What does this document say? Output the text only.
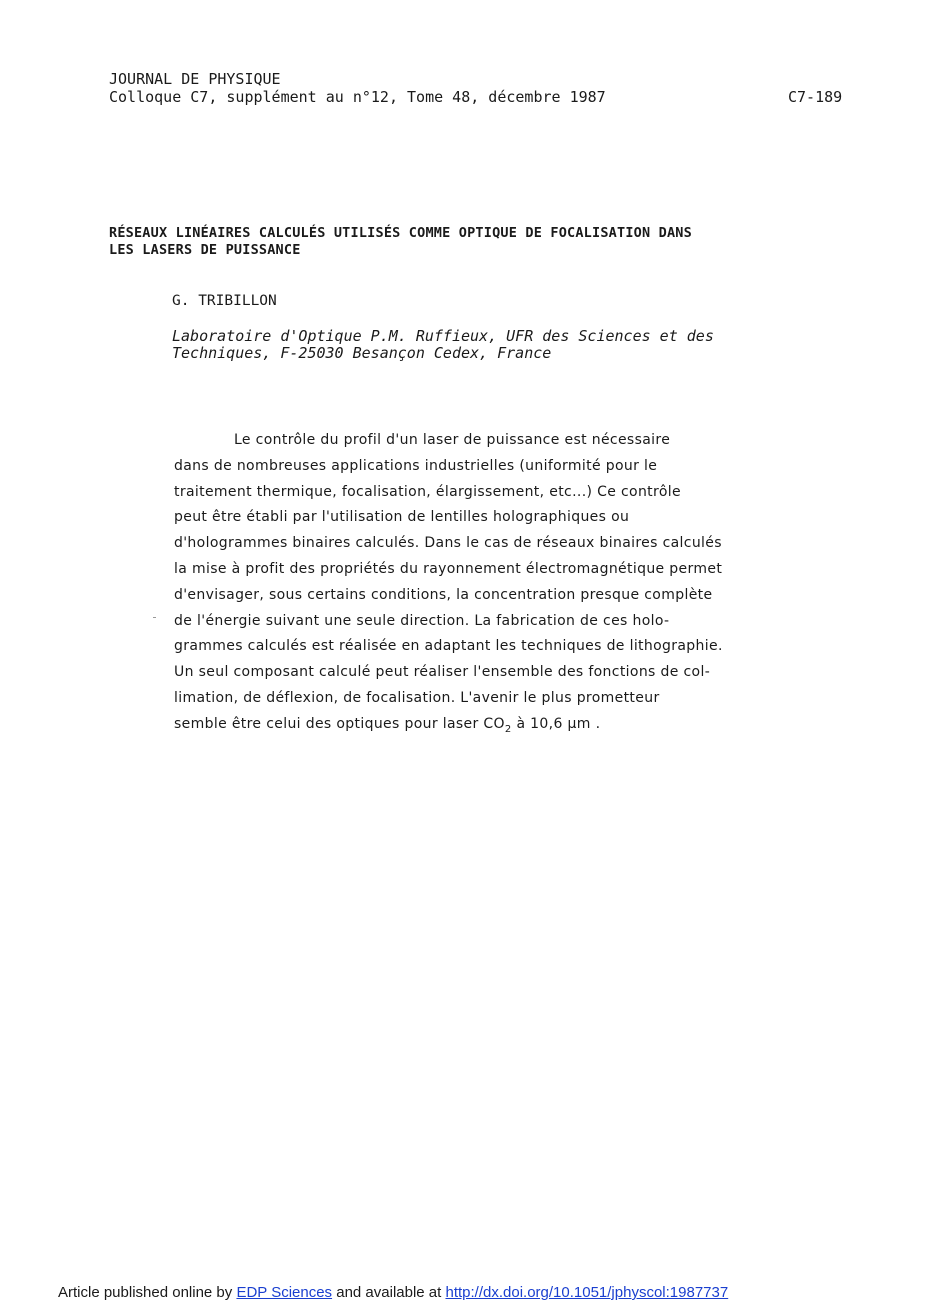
JOURNAL DE PHYSIQUE
Colloque C7, supplément au n°12, Tome 48, décembre 1987	C7-189
RÉSEAUX LINÉAIRES CALCULÉS UTILISÉS COMME OPTIQUE DE FOCALISATION DANS
LES LASERS DE PUISSANCE
G. TRIBILLON
Laboratoire d'Optique P.M. Ruffieux, UFR des Sciences et des
Techniques, F-25030 Besançon Cedex, France
Le contrôle du profil d'un laser de puissance est nécessaire
dans de nombreuses applications industrielles (uniformité pour le
traitement thermique, focalisation, élargissement, etc...) Ce contrôle
peut être établi par l'utilisation de lentilles holographiques ou
d'hologrammes binaires calculés. Dans le cas de réseaux binaires calculés
la mise à profit des propriétés du rayonnement électromagnétique permet
d'envisager, sous certains conditions, la concentration presque complète
de l'énergie suivant une seule direction. La fabrication de ces holo-
grammes calculés est réalisée en adaptant les techniques de lithographie.
Un seul composant calculé peut réaliser l'ensemble des fonctions de col-
limation, de déflexion, de focalisation. L'avenir le plus prometteur
semble être celui des optiques pour laser $CO_2$ à 10,6 µm .
Article published online by EDP Sciences and available at http://dx.doi.org/10.1051/jphyscol:1987737
